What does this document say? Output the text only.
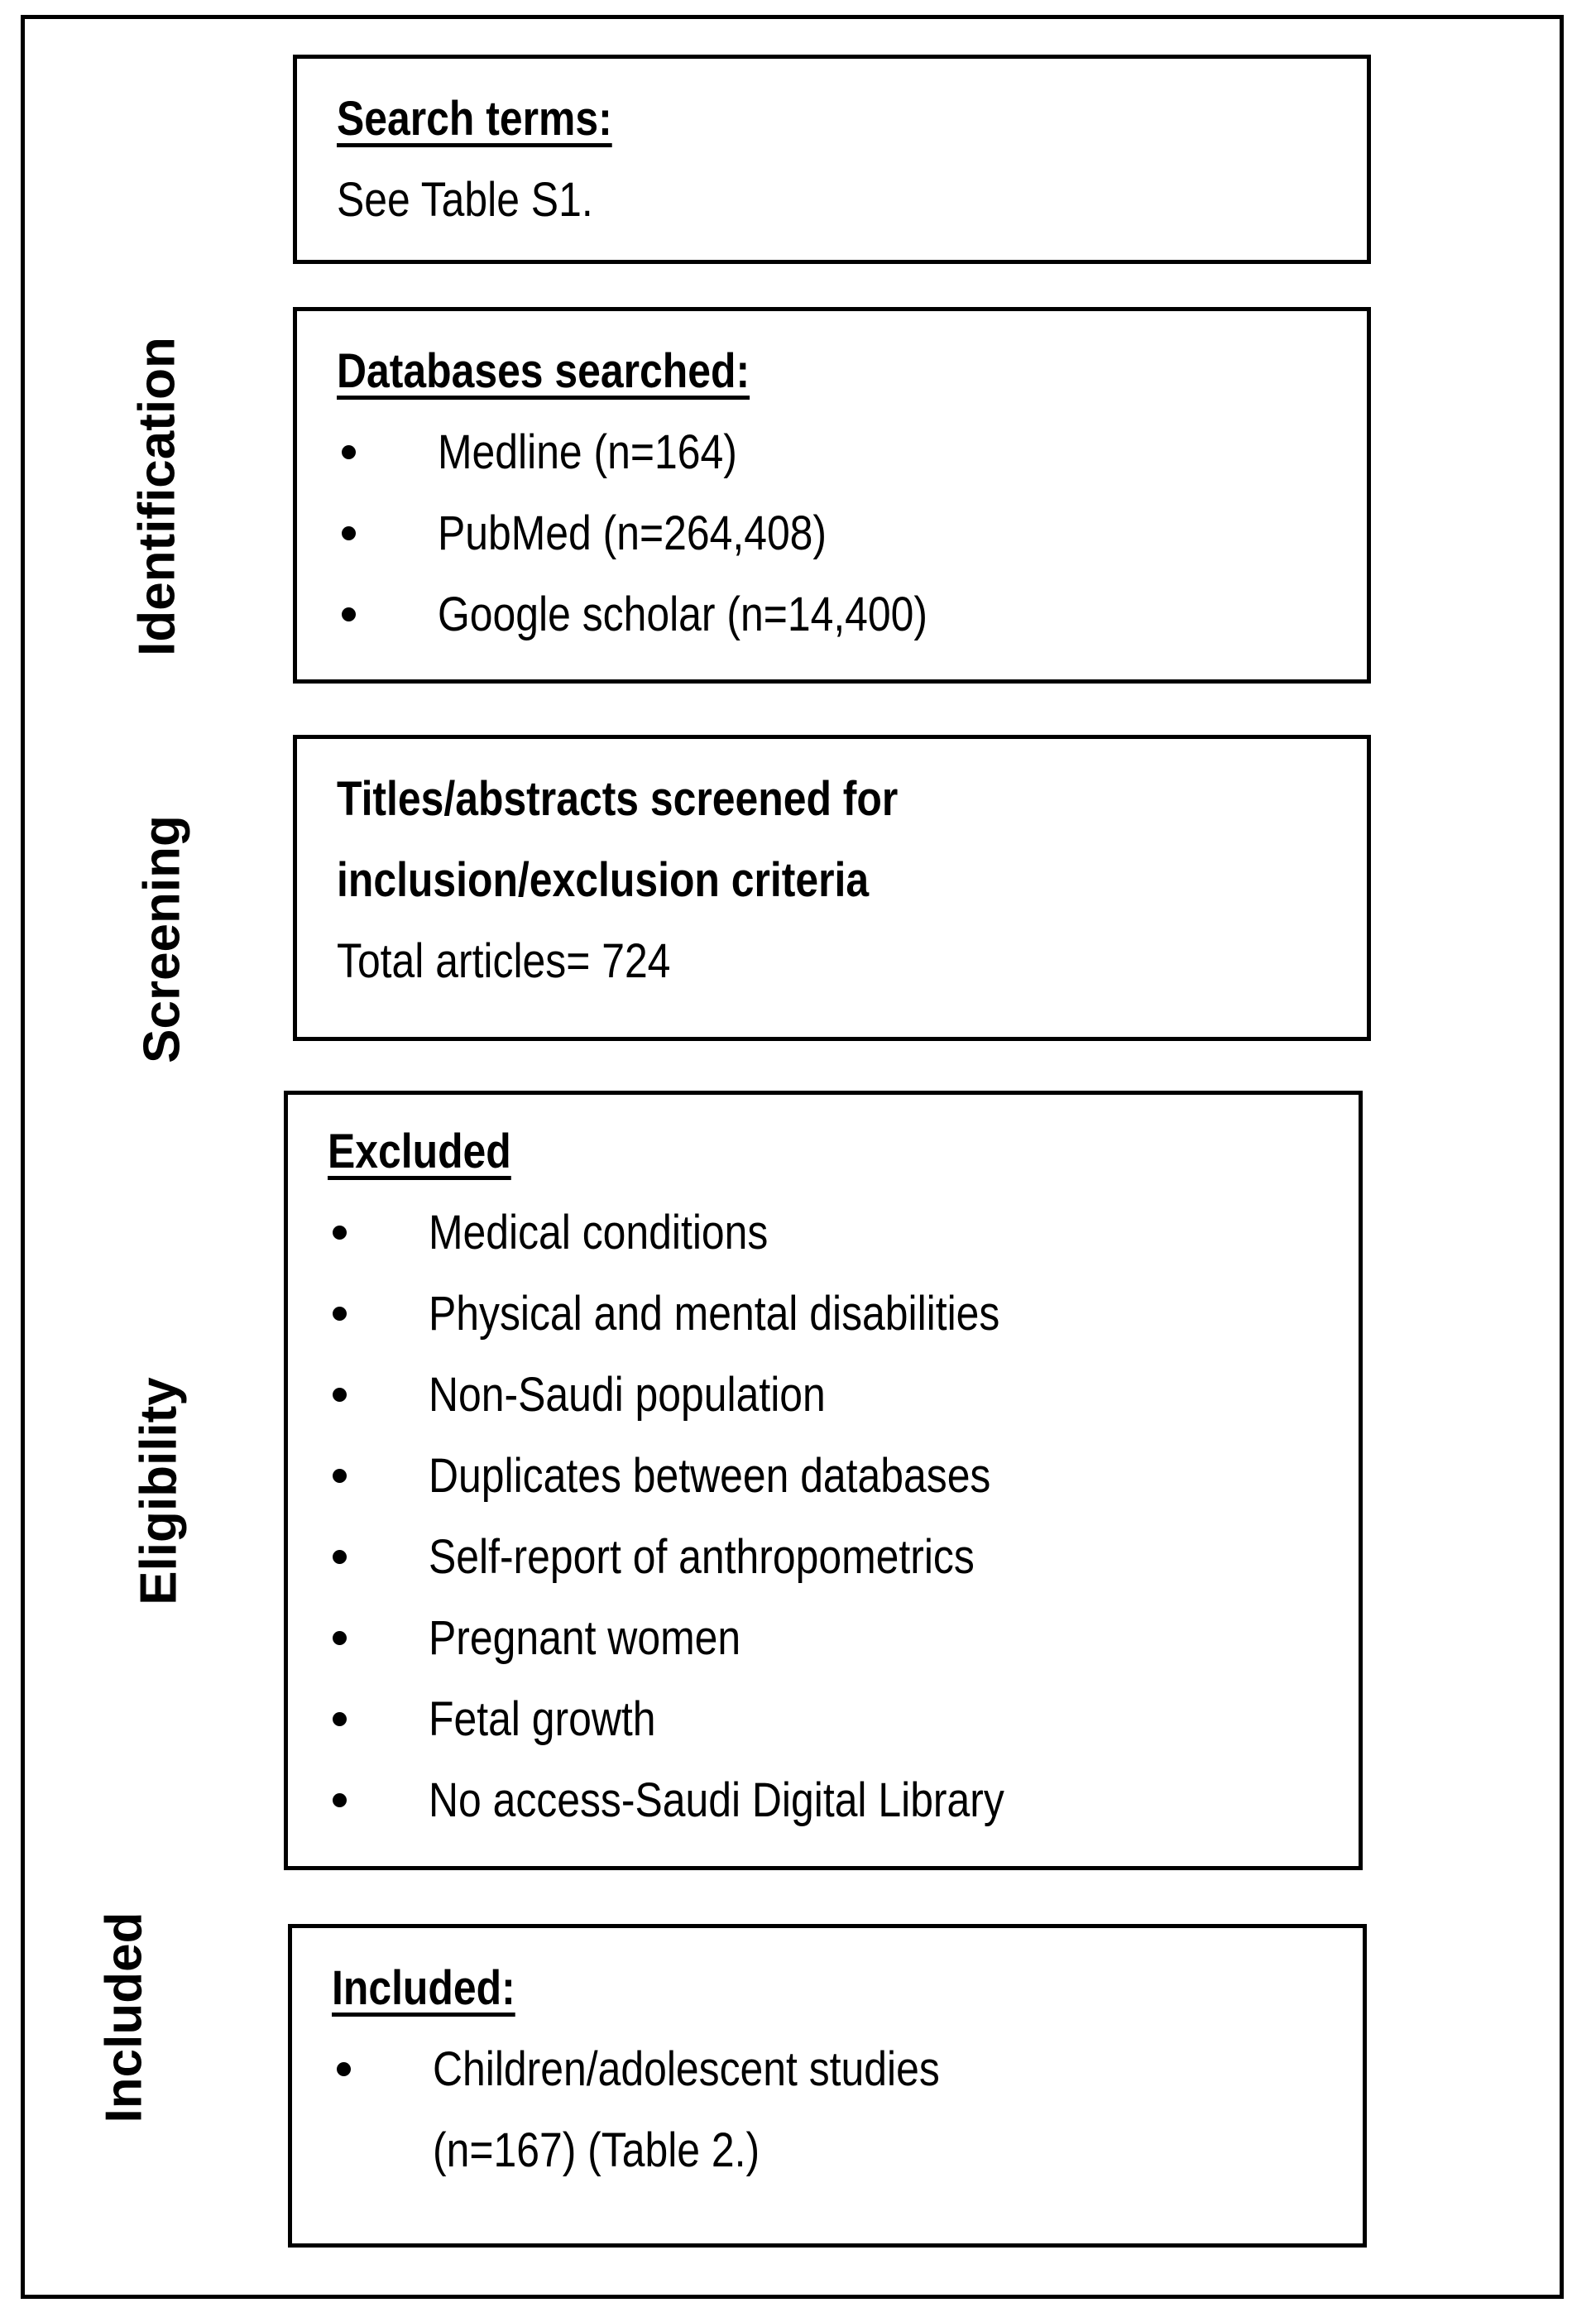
Identification
Screening
Eligibility
Included
Search terms:
See Table S1.
Databases searched:
Medline (n=164)
PubMed (n=264,408)
Google scholar (n=14,400)
Titles/abstracts screened for
inclusion/exclusion criteria
Total articles= 724
Excluded
Medical conditions
Physical and mental disabilities
Non-Saudi population
Duplicates between databases
Self-report of anthropometrics
Pregnant women
Fetal growth
No access-Saudi Digital Library
Included:
Children/adolescent studies
(n=167) (Table 2.)
